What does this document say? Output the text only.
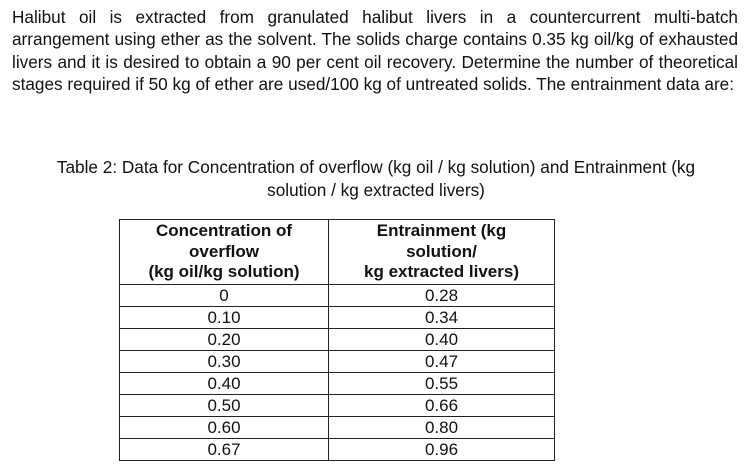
Halibut oil is extracted from granulated halibut livers in a countercurrent multi-batch arrangement using ether as the solvent. The solids charge contains 0.35 kg oil/kg of exhausted livers and it is desired to obtain a 90 per cent oil recovery. Determine the number of theoretical stages required if 50 kg of ether are used/100 kg of untreated solids. The entrainment data are:
Table 2: Data for Concentration of overflow (kg oil / kg solution) and Entrainment (kg
solution / kg extracted livers)
Concentration of
overflow
(kg oil/kg solution)	Entrainment (kg
solution/
kg extracted livers)

0	0.28
0.10	0.34
0.20	0.40
0.30	0.47
0.40	0.55
0.50	0.66
0.60	0.80
0.67	0.96
